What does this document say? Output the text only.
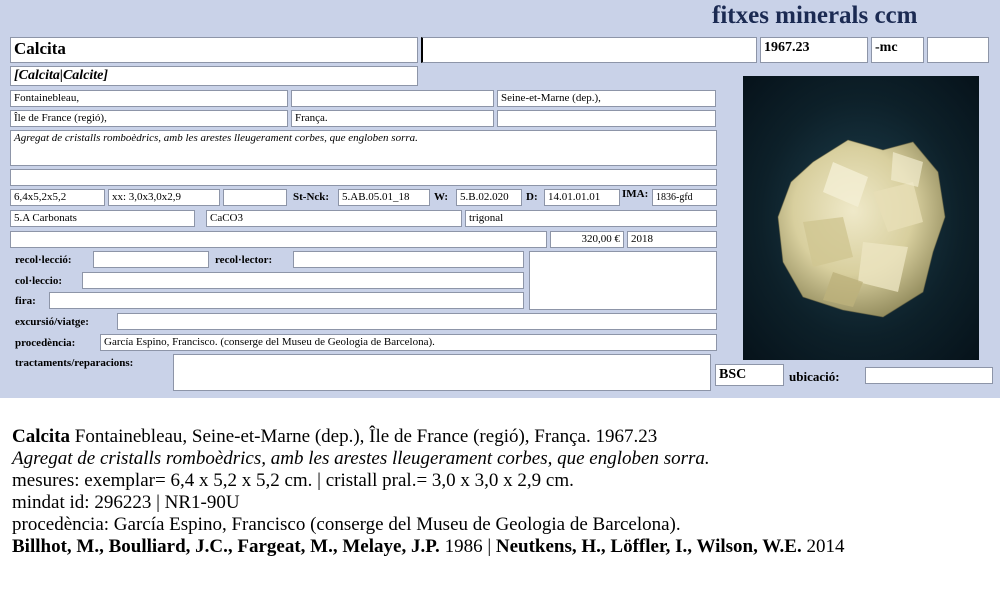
fitxes minerals ccm
Calcita	1967.23	-mc
[Calcita|Calcite]
Fontainebleau,	Seine-et-Marne (dep.),
Île de France (regió),	França.
Agregat de cristalls romboèdrics, amb les arestes lleugerament corbes, que engloben sorra.
6,4x5,2x5,2	xx: 3,0x3,0x2,9	St-Nck:	5.AB.05.01_18	W:	5.B.02.020	D: 14.01.01.01	IMA: 1836-gfd
5.A Carbonats	CaCO3	trigonal
320,00 €	2018
recol·lecció:	recol·lector:
col·leccio:
fira:
excursió/viatge:
procedència:	García Espino, Francisco. (conserge del Museu de Geologia de Barcelona).
tractaments/reparacions:
BSC	ubicació:
Calcita Fontainebleau, Seine-et-Marne (dep.), Île de France (regió), França. 1967.23
Agregat de cristalls romboèdrics, amb les arestes lleugerament corbes, que engloben sorra.
mesures: exemplar= 6,4 x 5,2 x 5,2 cm. | cristall pral.= 3,0 x 3,0 x 2,9 cm.
mindat id: 296223 | NR1-90U
procedència: García Espino, Francisco (conserge del Museu de Geologia de Barcelona).
Billhot, M., Boulliard, J.C., Fargeat, M., Melaye, J.P. 1986 | Neutkens, H., Löffler, I., Wilson, W.E. 2014
